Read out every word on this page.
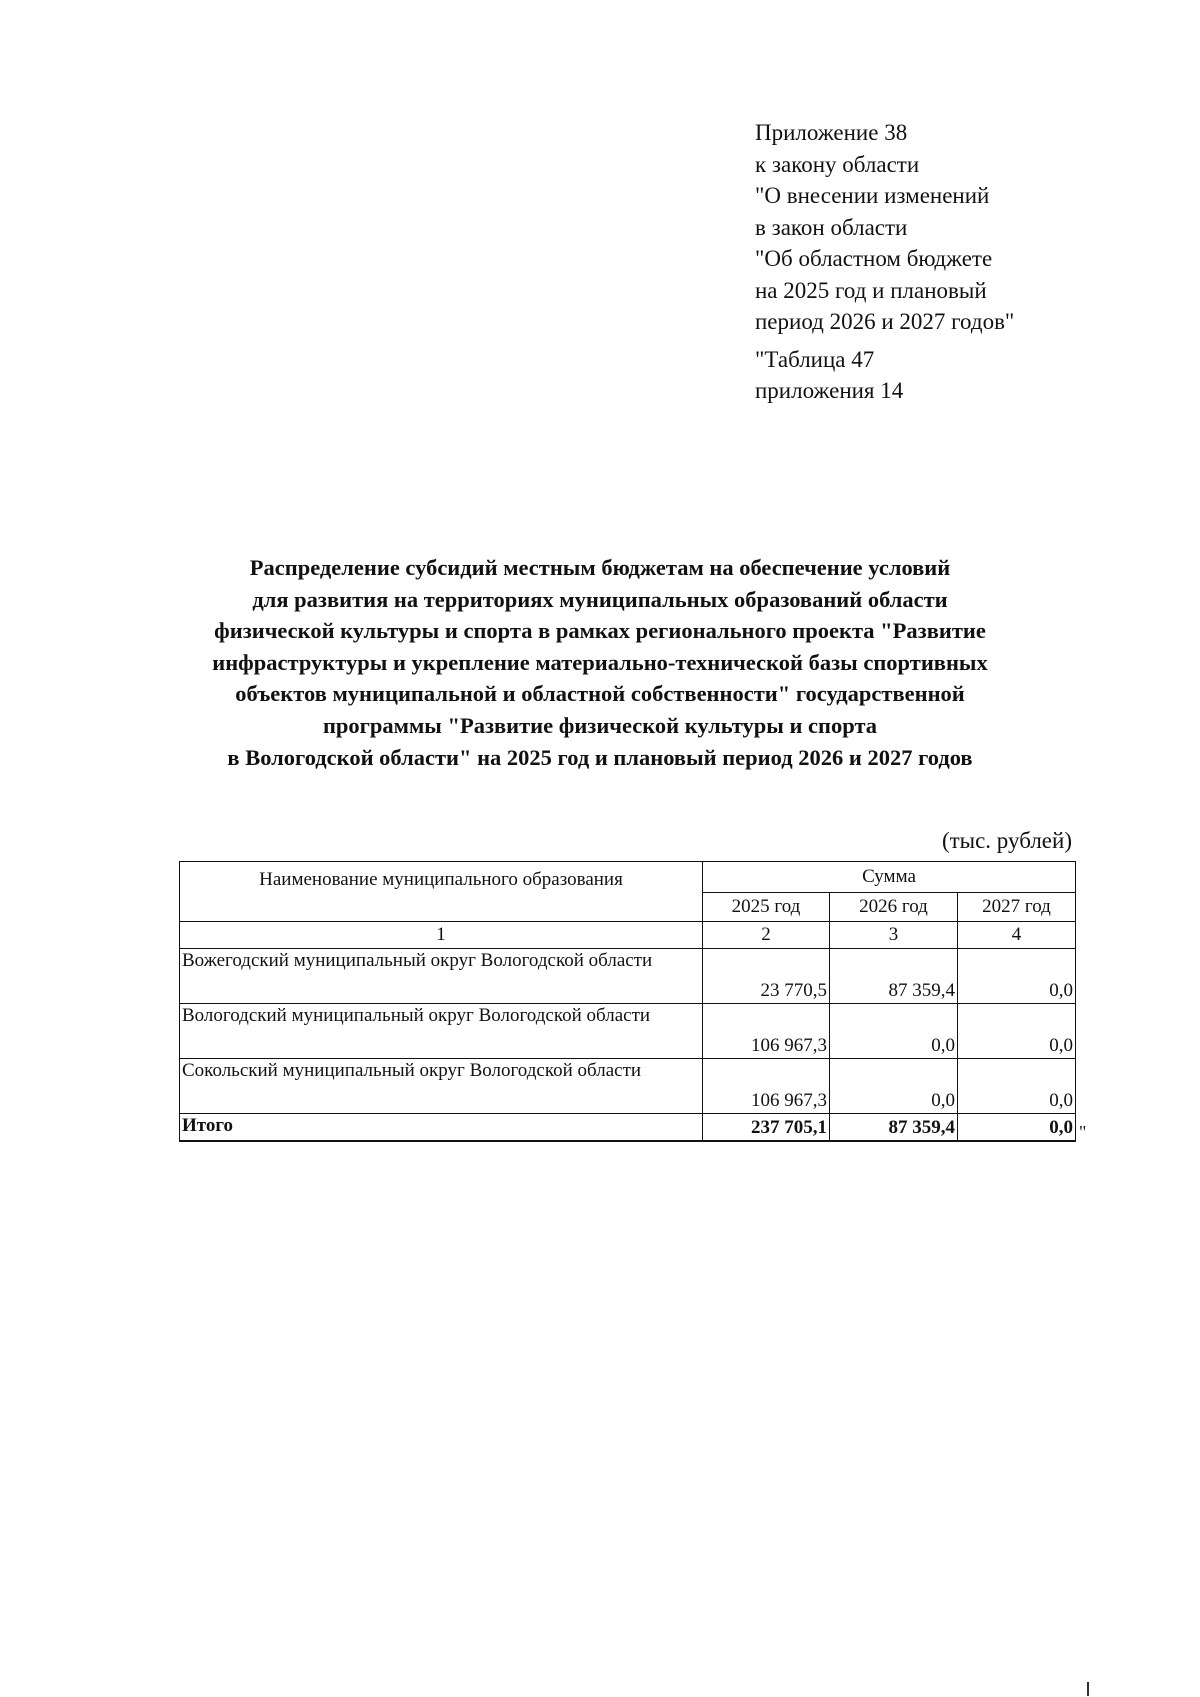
Приложение 38
к закону области
"О внесении изменений
в закон области
"Об областном бюджете
на 2025 год и плановый
период 2026 и 2027 годов"
"Таблица 47
приложения 14
Распределение субсидий местным бюджетам на обеспечение условий
для развития на территориях муниципальных образований области
физической культуры и спорта в рамках регионального проекта "Развитие
инфраструктуры и укрепление материально-технической базы спортивных
объектов муниципальной и областной собственности" государственной
программы "Развитие физической культуры и спорта
в Вологодской области" на 2025 год и плановый период 2026 и 2027 годов
(тыс. рублей)
Наименование муниципального образования	Сумма		
	2025 год	2026 год	2027 год
1	2	3	4
Вожегодский муниципальный округ Вологодской области	23 770,5	87 359,4	0,0
Вологодский муниципальный округ Вологодской области	106 967,3	0,0	0,0
Сокольский муниципальный округ Вологодской области	106 967,3	0,0	0,0
Итого	237 705,1	87 359,4	0,0 "
